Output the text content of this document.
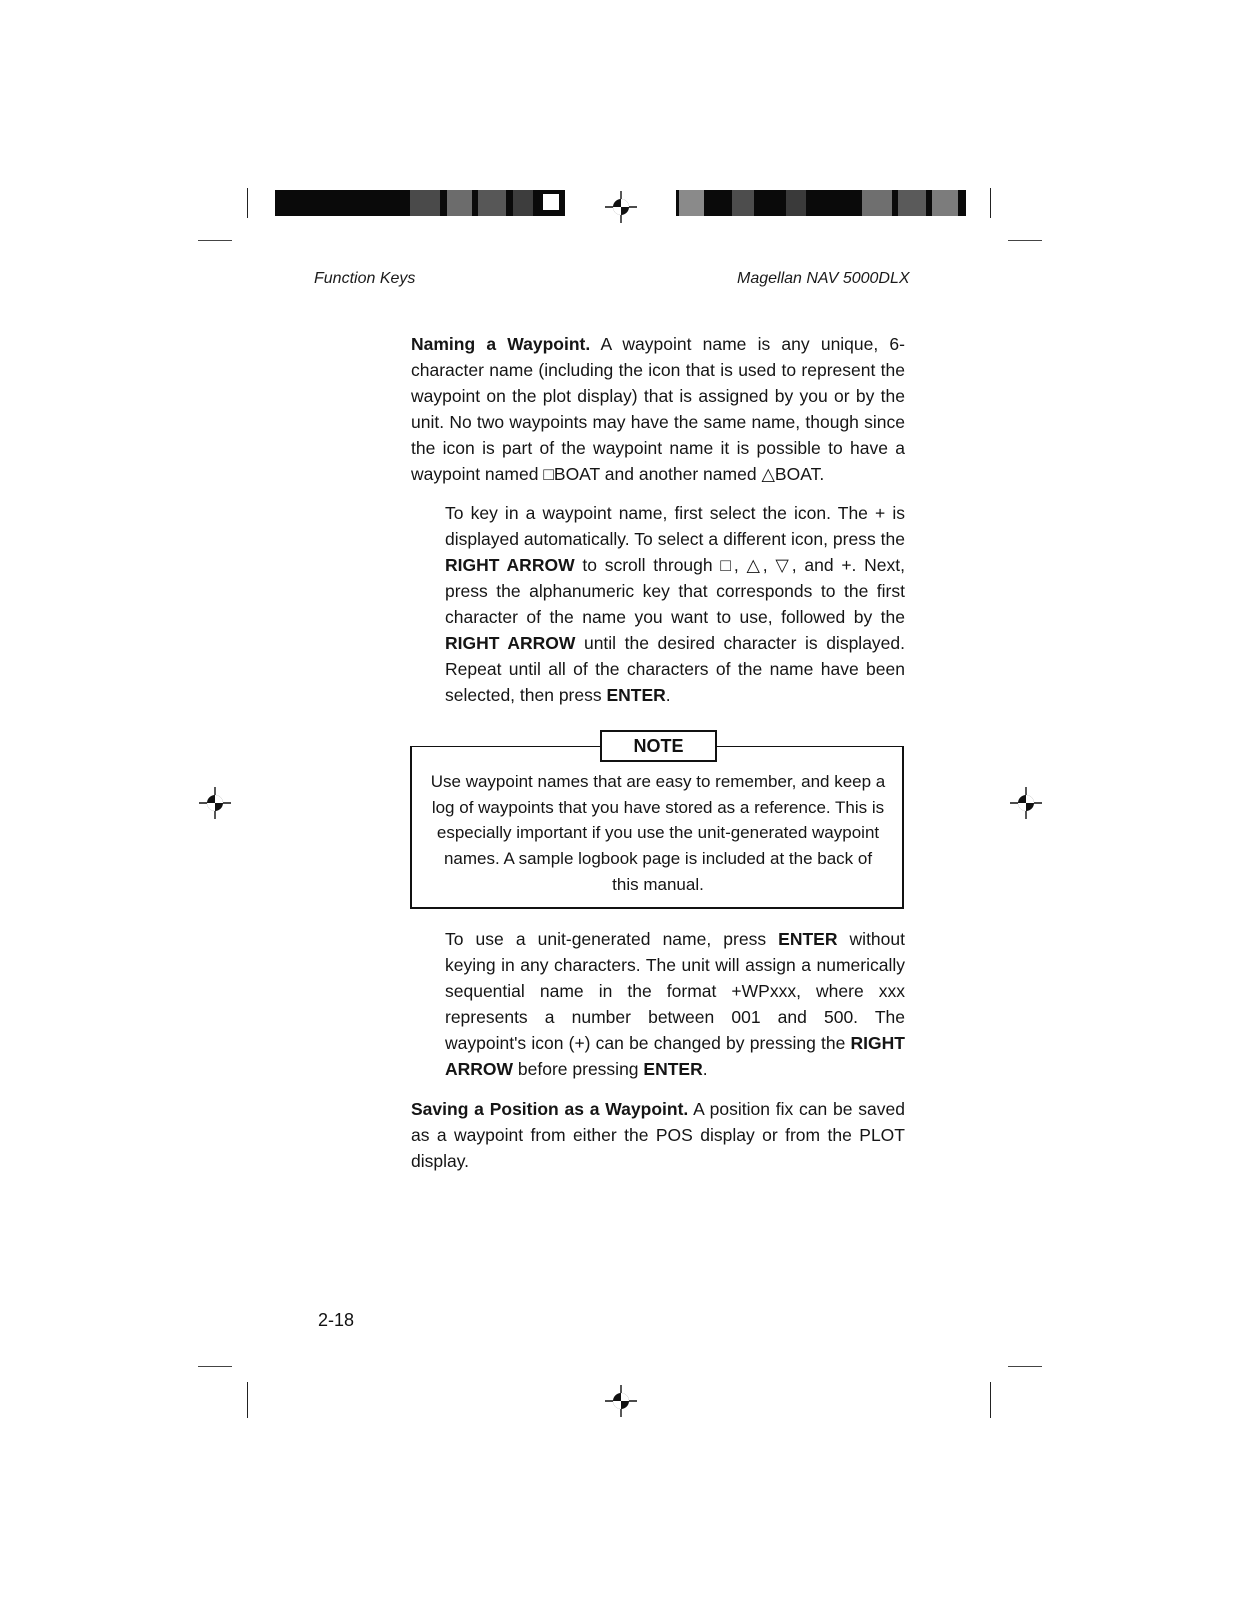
Function Keys	Magellan NAV 5000DLX
Naming a Waypoint. A waypoint name is any unique, 6-character name (including the icon that is used to represent the waypoint on the plot display) that is assigned by you or by the unit. No two waypoints may have the same name, though since the icon is part of the waypoint name it is possible to have a waypoint named □BOAT and another named △BOAT.
To key in a waypoint name, first select the icon. The + is displayed automatically. To select a different icon, press the RIGHT ARROW to scroll through □, △, ▽, and +. Next, press the alphanumeric key that corresponds to the first character of the name you want to use, followed by the RIGHT ARROW until the desired character is displayed. Repeat until all of the characters of the name have been selected, then press ENTER.
NOTE
Use waypoint names that are easy to remember, and keep a log of waypoints that you have stored as a reference. This is especially important if you use the unit-generated waypoint names. A sample logbook page is included at the back of this manual.
To use a unit-generated name, press ENTER without keying in any characters. The unit will assign a numerically sequential name in the format +WPxxx, where xxx represents a number between 001 and 500. The waypoint's icon (+) can be changed by pressing the RIGHT ARROW before pressing ENTER.
Saving a Position as a Waypoint. A position fix can be saved as a waypoint from either the POS display or from the PLOT display.
2-18
